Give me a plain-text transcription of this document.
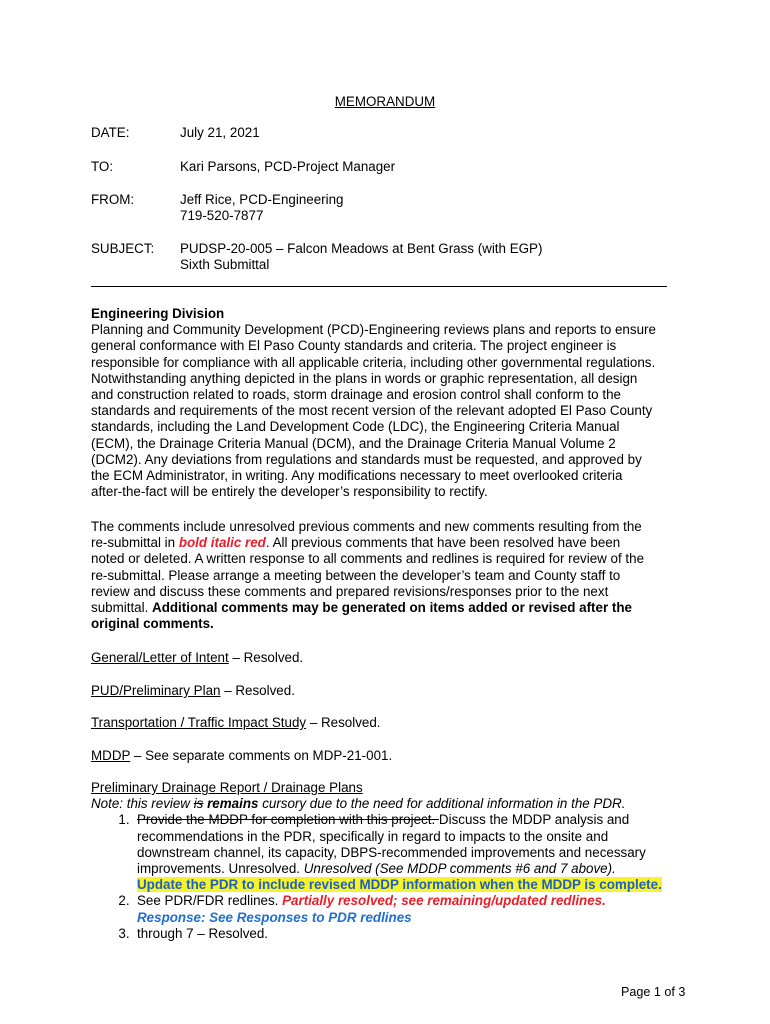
MEMORANDUM
DATE:	July 21, 2021
TO:	Kari Parsons, PCD-Project Manager
FROM:	Jeff Rice, PCD-Engineering
719-520-7877
SUBJECT: PUDSP-20-005 – Falcon Meadows at Bent Grass (with EGP)
Sixth Submittal

Engineering Division

Planning and Community Development (PCD)-Engineering reviews plans and reports to ensure

general conformance with El Paso County standards and criteria. The project engineer is

responsible for compliance with all applicable criteria, including other governmental regulations.

Notwithstanding anything depicted in the plans in words or graphic representation, all design

and construction related to roads, storm drainage and erosion control shall conform to the

standards and requirements of the most recent version of the relevant adopted El Paso County

standards, including the Land Development Code (LDC), the Engineering Criteria Manual

(ECM), the Drainage Criteria Manual (DCM), and the Drainage Criteria Manual Volume 2

(DCM2). Any deviations from regulations and standards must be requested, and approved by

the ECM Administrator, in writing. Any modifications necessary to meet overlooked criteria

after-the-fact will be entirely the developer’s responsibility to rectify.

The comments include unresolved previous comments and new comments resulting from the

re-submittal in bold italic red. All previous comments that have been resolved have been

noted or deleted. A written response to all comments and redlines is required for review of the

re-submittal. Please arrange a meeting between the developer’s team and County staff to

review and discuss these comments and prepared revisions/responses prior to the next

submittal. Additional comments may be generated on items added or revised after the

original comments.

General/Letter of Intent – Resolved.

PUD/Preliminary Plan – Resolved.

Transportation / Traffic Impact Study – Resolved.

MDDP – See separate comments on MDP-21-001.

Preliminary Drainage Report / Drainage Plans

Note: this review is remains cursory due to the need for additional information in the PDR.

1. Provide the MDDP for completion with this project. Discuss the MDDP analysis and

recommendations in the PDR, specifically in regard to impacts to the onsite and

downstream channel, its capacity, DBPS-recommended improvements and necessary

improvements. Unresolved. Unresolved (See MDDP comments #6 and 7 above).

Update the PDR to include revised MDDP information when the MDDP is complete.

2. See PDR/FDR redlines. Partially resolved; see remaining/updated redlines.

Response: See Responses to PDR redlines

3. through 7 – Resolved.

Page 1 of 3
